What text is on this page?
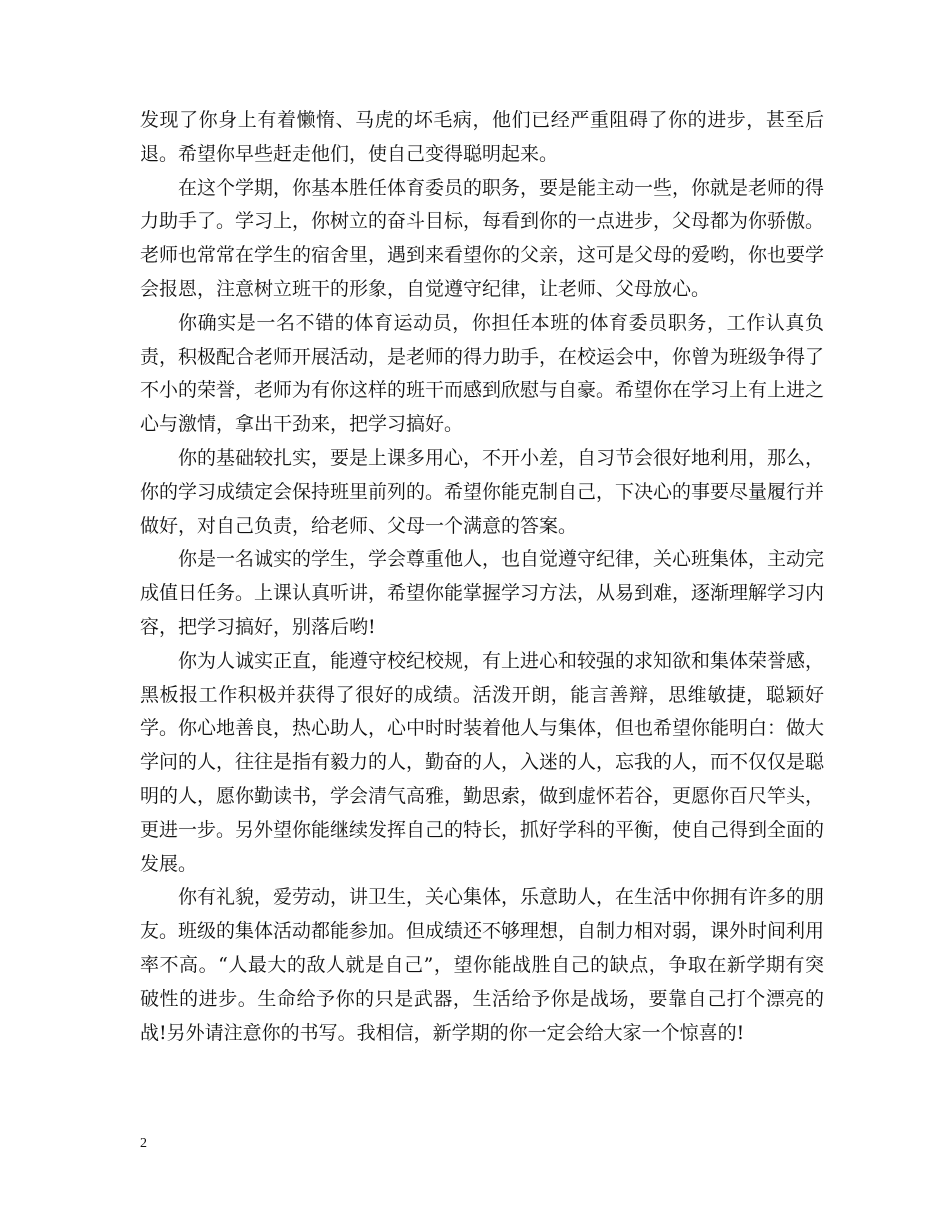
发现了你身上有着懒惰、马虎的坏毛病，他们已经严重阻碍了你的进步，甚至后退。希望你早些赶走他们，使自己变得聪明起来。

在这个学期，你基本胜任体育委员的职务，要是能主动一些，你就是老师的得力助手了。学习上，你树立的奋斗目标，每看到你的一点进步，父母都为你骄傲。老师也常常在学生的宿舍里，遇到来看望你的父亲，这可是父母的爱哟，你也要学会报恩，注意树立班干的形象，自觉遵守纪律，让老师、父母放心。

你确实是一名不错的体育运动员，你担任本班的体育委员职务，工作认真负责，积极配合老师开展活动，是老师的得力助手，在校运会中，你曾为班级争得了不小的荣誉，老师为有你这样的班干而感到欣慰与自豪。希望你在学习上有上进之心与激情，拿出干劲来，把学习搞好。

你的基础较扎实，要是上课多用心，不开小差，自习节会很好地利用，那么，你的学习成绩定会保持班里前列的。希望你能克制自己，下决心的事要尽量履行并做好，对自己负责，给老师、父母一个满意的答案。

你是一名诚实的学生，学会尊重他人，也自觉遵守纪律，关心班集体，主动完成值日任务。上课认真听讲，希望你能掌握学习方法，从易到难，逐渐理解学习内容，把学习搞好，别落后哟!

你为人诚实正直，能遵守校纪校规，有上进心和较强的求知欲和集体荣誉感，黑板报工作积极并获得了很好的成绩。活泼开朗，能言善辩，思维敏捷，聪颖好学。你心地善良，热心助人，心中时时装着他人与集体，但也希望你能明白：做大学问的人，往往是指有毅力的人，勤奋的人，入迷的人，忘我的人，而不仅仅是聪明的人，愿你勤读书，学会清气高雅，勤思索，做到虚怀若谷，更愿你百尺竿头，更进一步。另外望你能继续发挥自己的特长，抓好学科的平衡，使自己得到全面的发展。

你有礼貌，爱劳动，讲卫生，关心集体，乐意助人，在生活中你拥有许多的朋友。班级的集体活动都能参加。但成绩还不够理想，自制力相对弱，课外时间利用率不高。“人最大的敌人就是自己”，望你能战胜自己的缺点，争取在新学期有突破性的进步。生命给予你的只是武器，生活给予你是战场，要靠自己打个漂亮的战!另外请注意你的书写。我相信，新学期的你一定会给大家一个惊喜的!

2
